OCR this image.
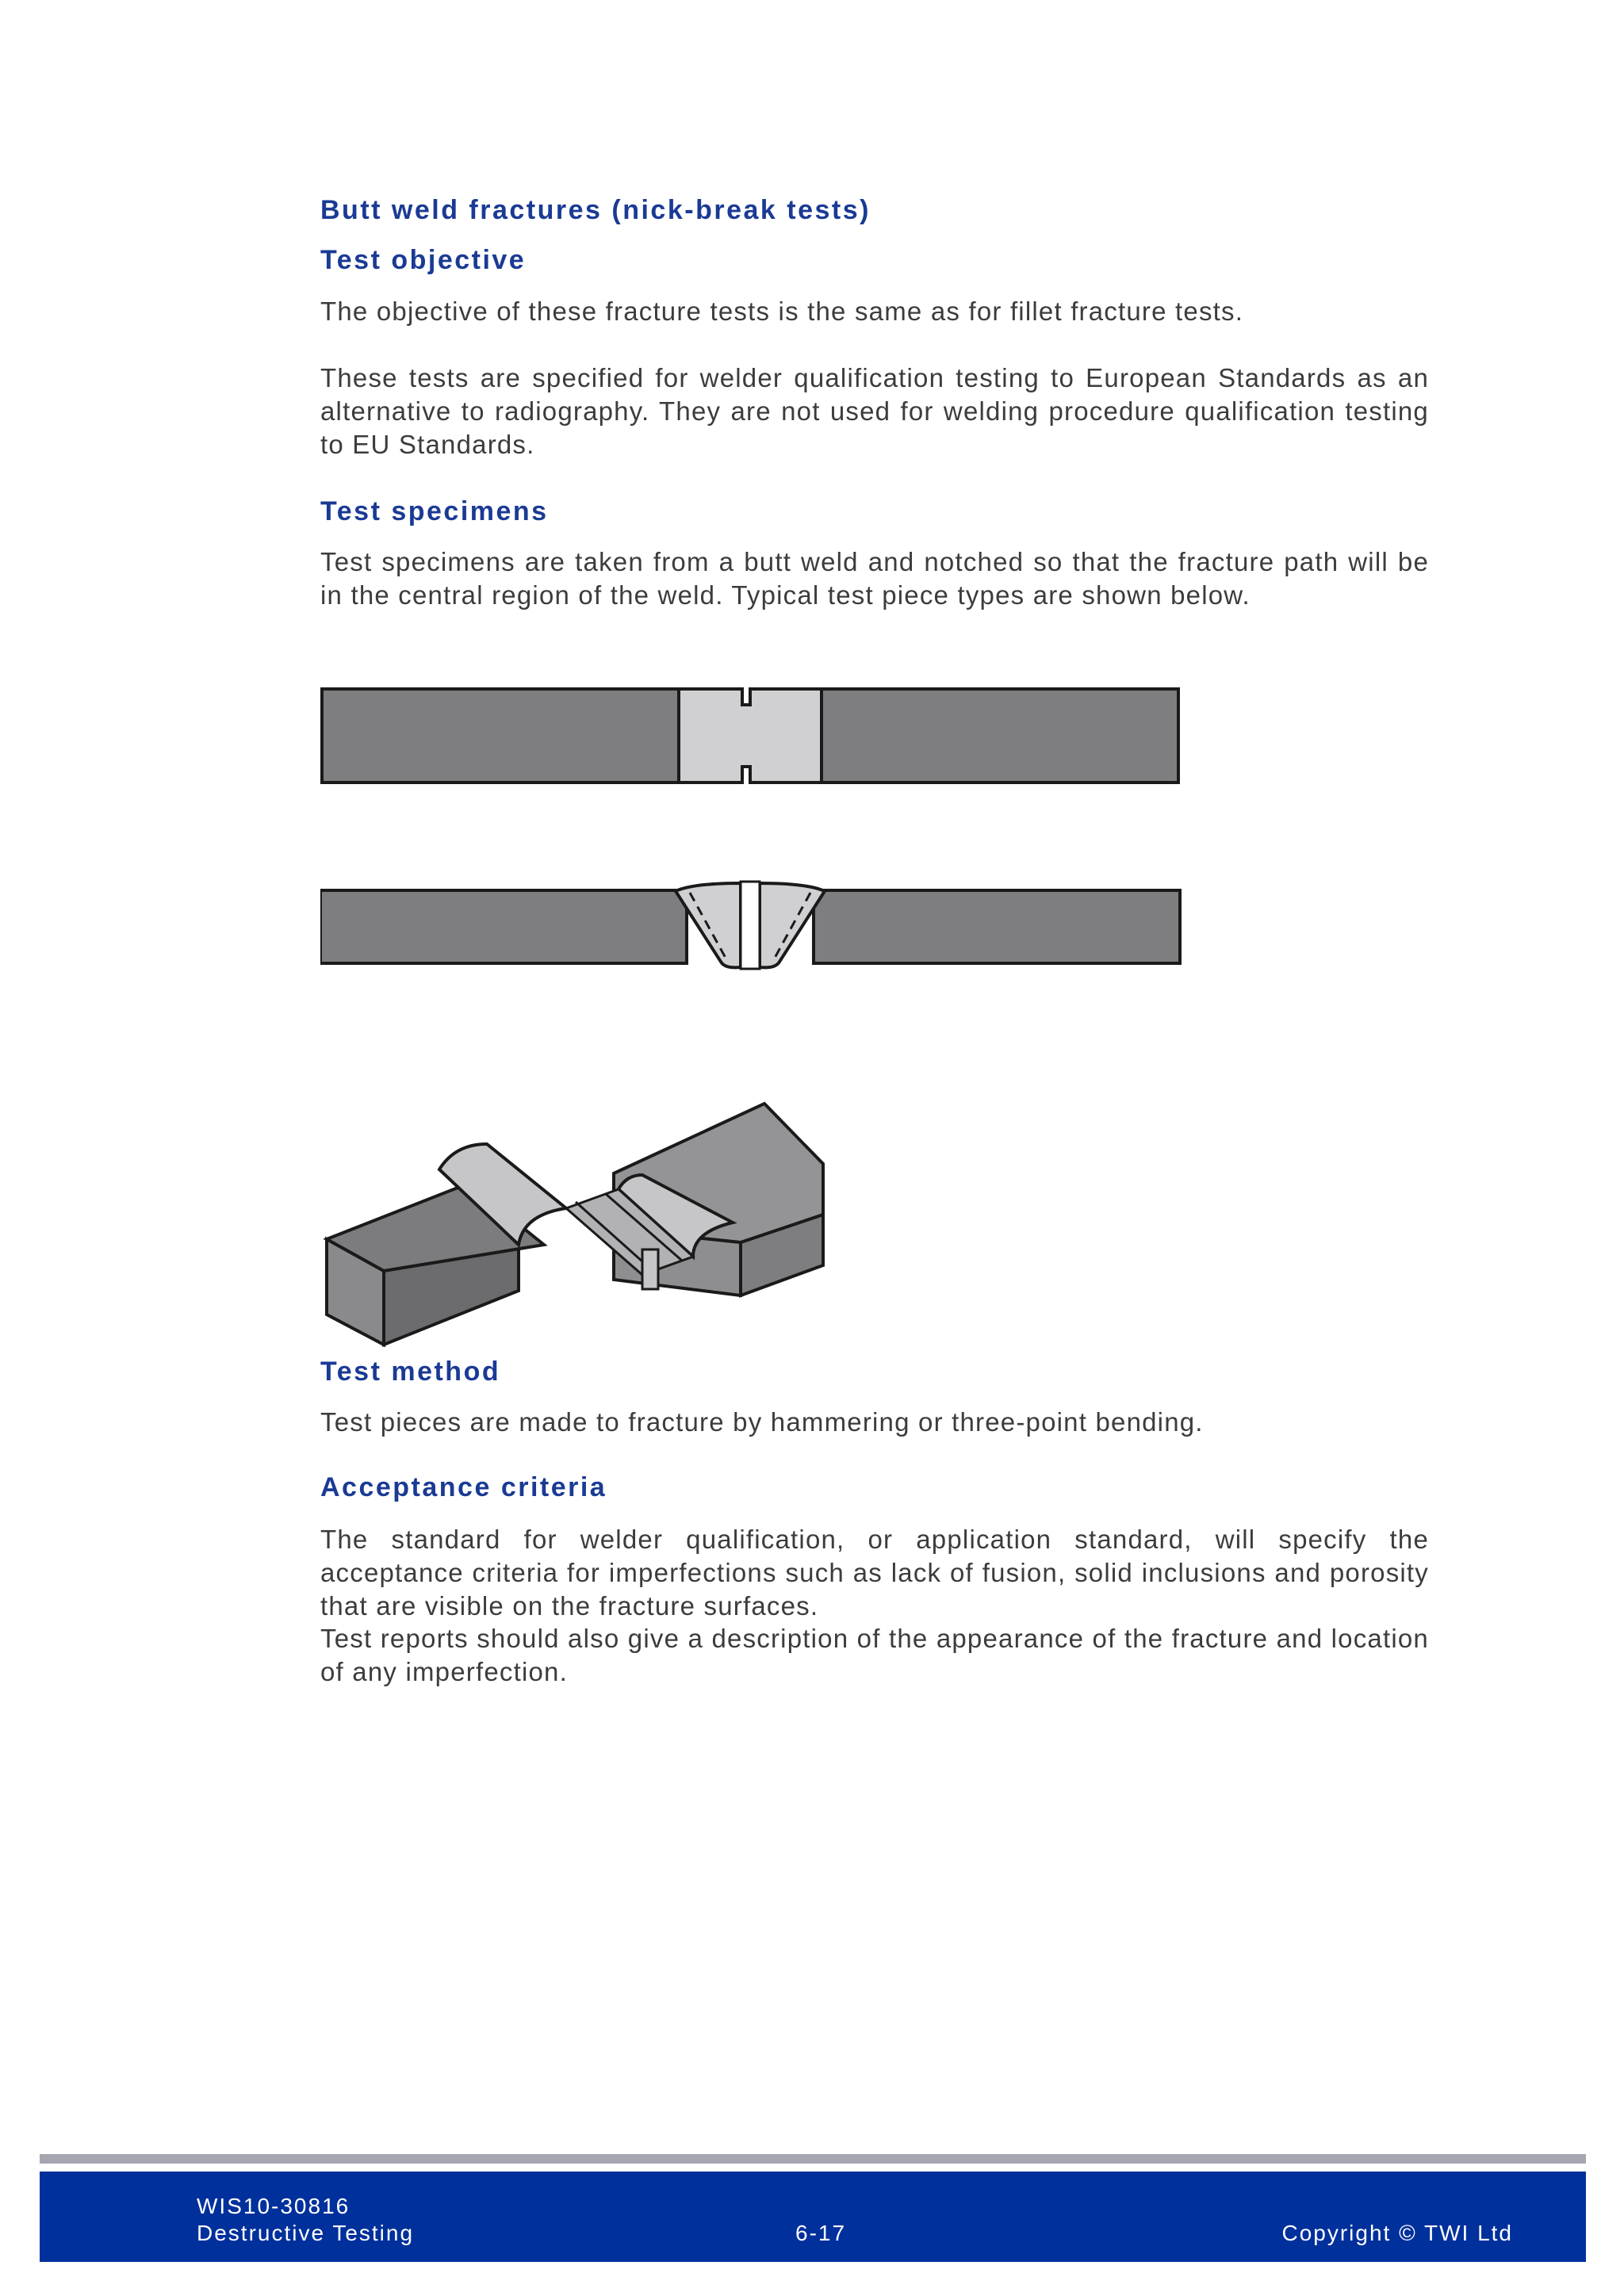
Butt weld fractures (nick-break tests)
Test objective

The objective of these fracture tests is the same as for fillet fracture tests.

These tests are specified for welder qualification testing to European Standards as an alternative to radiography. They are not used for welding procedure qualification testing to EU Standards.

Test specimens

Test specimens are taken from a butt weld and notched so that the fracture path will be in the central region of the weld. Typical test piece types are shown below.

Test method

Test pieces are made to fracture by hammering or three-point bending.

Acceptance criteria

The standard for welder qualification, or application standard, will specify the acceptance criteria for imperfections such as lack of fusion, solid inclusions and porosity that are visible on the fracture surfaces.

Test reports should also give a description of the appearance of the fracture and location of any imperfection.

WIS10-30816
Destructive Testing	6-17	Copyright © TWI Ltd
